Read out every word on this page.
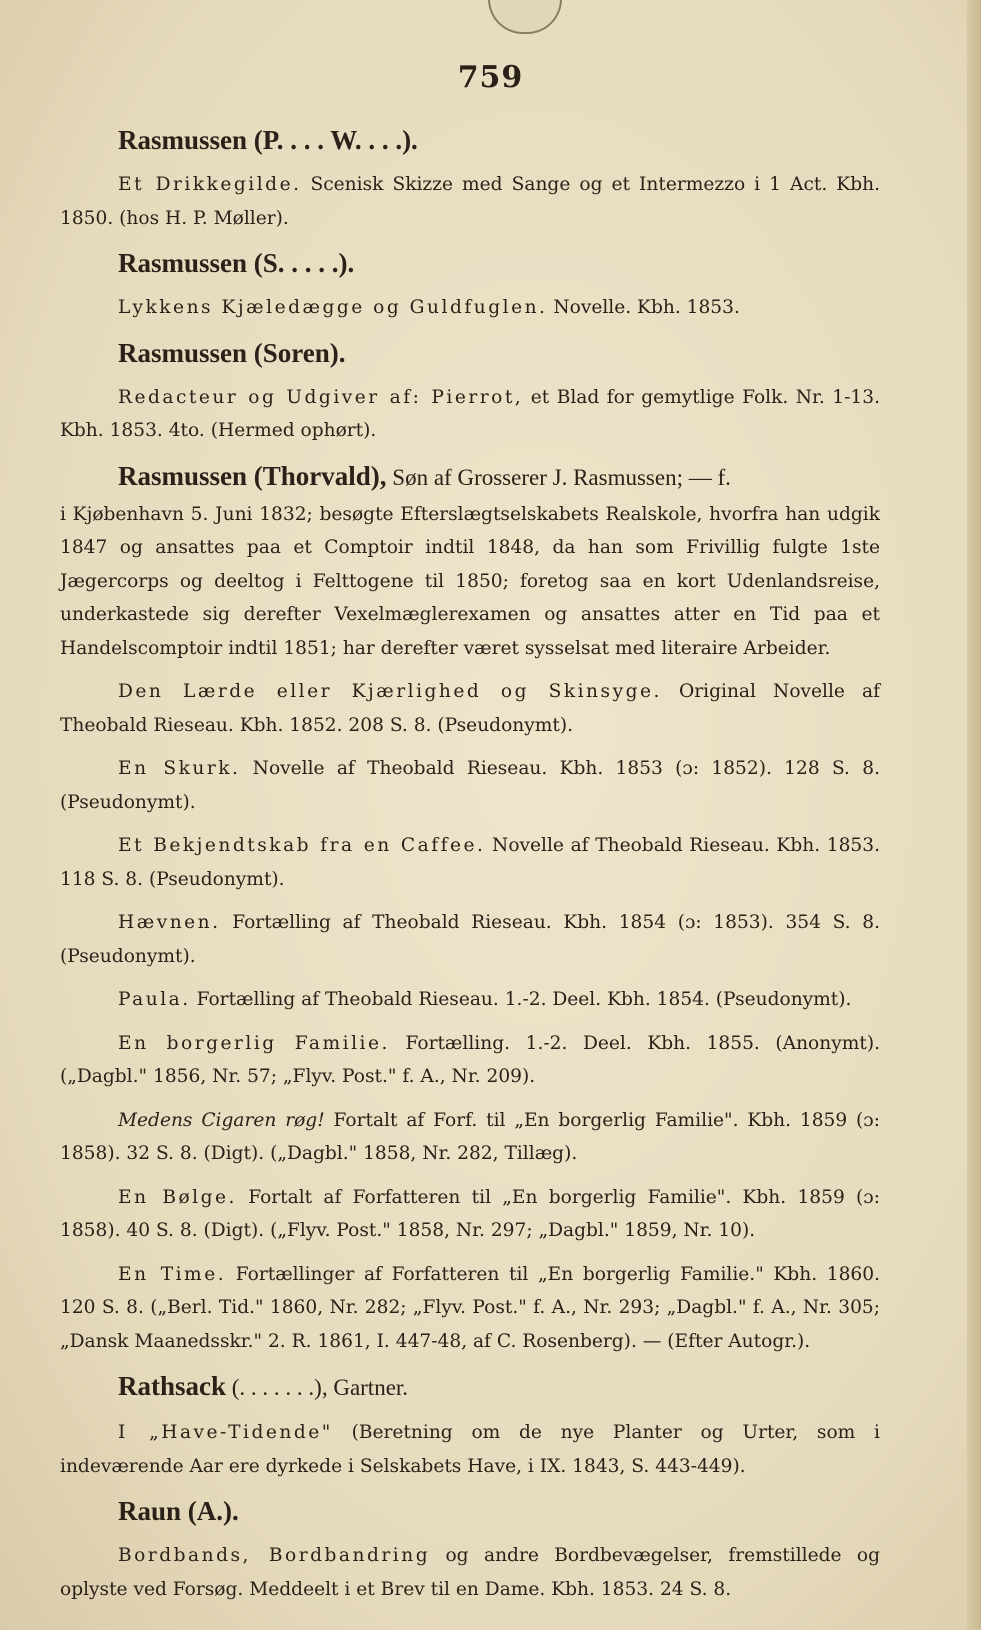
759
Rasmussen (P. . . . W. . . .).

Et Drikkegilde. Scenisk Skizze med Sange og et Intermezzo i 1 Act. Kbh. 1850. (hos H. P. Møller).

Rasmussen (S. . . . .).

Lykkens Kjæledægge og Guldfuglen. Novelle. Kbh. 1853.

Rasmussen (Soren).

Redacteur og Udgiver af: Pierrot, et Blad for gemytlige Folk. Nr. 1-13. Kbh. 1853. 4to. (Hermed ophørt).

Rasmussen (Thorvald), Søn af Grosserer J. Rasmussen; — f.

i Kjøbenhavn 5. Juni 1832; besøgte Efterslægtselskabets Realskole, hvorfra han udgik 1847 og ansattes paa et Comptoir indtil 1848, da han som Frivillig fulgte 1ste Jægercorps og deeltog i Felttogene til 1850; foretog saa en kort Udenlandsreise, underkastede sig derefter Vexelmæglerexamen og ansattes atter en Tid paa et Handelscomptoir indtil 1851; har derefter været sysselsat med literaire Arbeider.

Den Lærde eller Kjærlighed og Skinsyge. Original Novelle af Theobald Rieseau. Kbh. 1852. 208 S. 8. (Pseudonymt).

En Skurk. Novelle af Theobald Rieseau. Kbh. 1853 (ɔ: 1852). 128 S. 8. (Pseudonymt).

Et Bekjendtskab fra en Caffee. Novelle af Theobald Rieseau. Kbh. 1853. 118 S. 8. (Pseudonymt).

Hævnen. Fortælling af Theobald Rieseau. Kbh. 1854 (ɔ: 1853). 354 S. 8. (Pseudonymt).

Paula. Fortælling af Theobald Rieseau. 1.-2. Deel. Kbh. 1854. (Pseudonymt).

En borgerlig Familie. Fortælling. 1.-2. Deel. Kbh. 1855. (Anonymt). („Dagbl." 1856, Nr. 57; „Flyv. Post." f. A., Nr. 209).

Medens Cigaren røg! Fortalt af Forf. til „En borgerlig Familie". Kbh. 1859 (ɔ: 1858). 32 S. 8. (Digt). („Dagbl." 1858, Nr. 282, Tillæg).

En Bølge. Fortalt af Forfatteren til „En borgerlig Familie". Kbh. 1859 (ɔ: 1858). 40 S. 8. (Digt). („Flyv. Post." 1858, Nr. 297; „Dagbl." 1859, Nr. 10).

En Time. Fortællinger af Forfatteren til „En borgerlig Familie." Kbh. 1860. 120 S. 8. („Berl. Tid." 1860, Nr. 282; „Flyv. Post." f. A., Nr. 293; „Dagbl." f. A., Nr. 305; „Dansk Maanedsskr." 2. R. 1861, I. 447-48, af C. Rosenberg). — (Efter Autogr.).

Rathsack (. . . . . . .), Gartner.

I „Have-Tidende" (Beretning om de nye Planter og Urter, som i indeværende Aar ere dyrkede i Selskabets Have, i IX. 1843, S. 443-449).

Raun (A.).

Bordbands, Bordbandring og andre Bordbevægelser, fremstillede og oplyste ved Forsøg. Meddeelt i et Brev til en Dame. Kbh. 1853. 24 S. 8.
